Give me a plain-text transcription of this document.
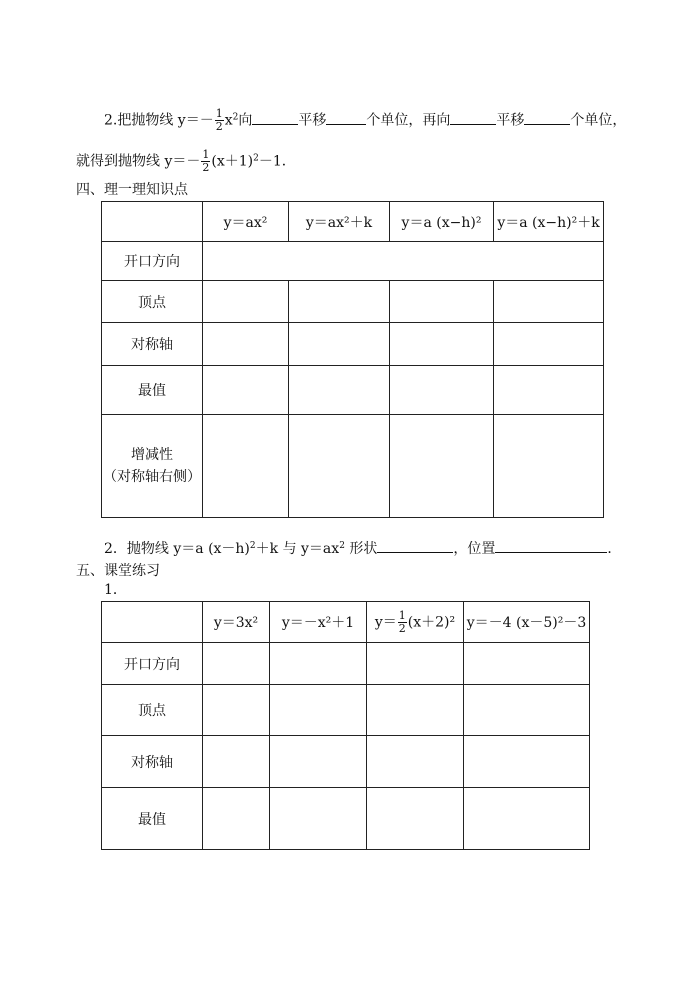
2.把抛物线 $y=- \frac{1}{2} x^2$向	平移	个单位，再向	平移	个单位，
就得到抛物线 $y=- \frac{1}{2} (x+1)^2-1$．
四、理一理知识点
	y＝ax²	y＝ax²＋k	y＝a (x−h)²	y＝a (x−h)²＋k
开口方向				
顶点				
对称轴				
最值				

增减性
（对称轴右侧）				

2．抛物线 y＝a $(x-h)^2+k$ 与 $y=ax^2$ 形状	，位置	．
五、课堂练习
1．
	y＝3x²	y＝－x²＋1	$y= \frac{1}{2} (x+2)^2$	y＝－4 (x－5)²－3
开口方向				
顶点				
对称轴				
最值				
